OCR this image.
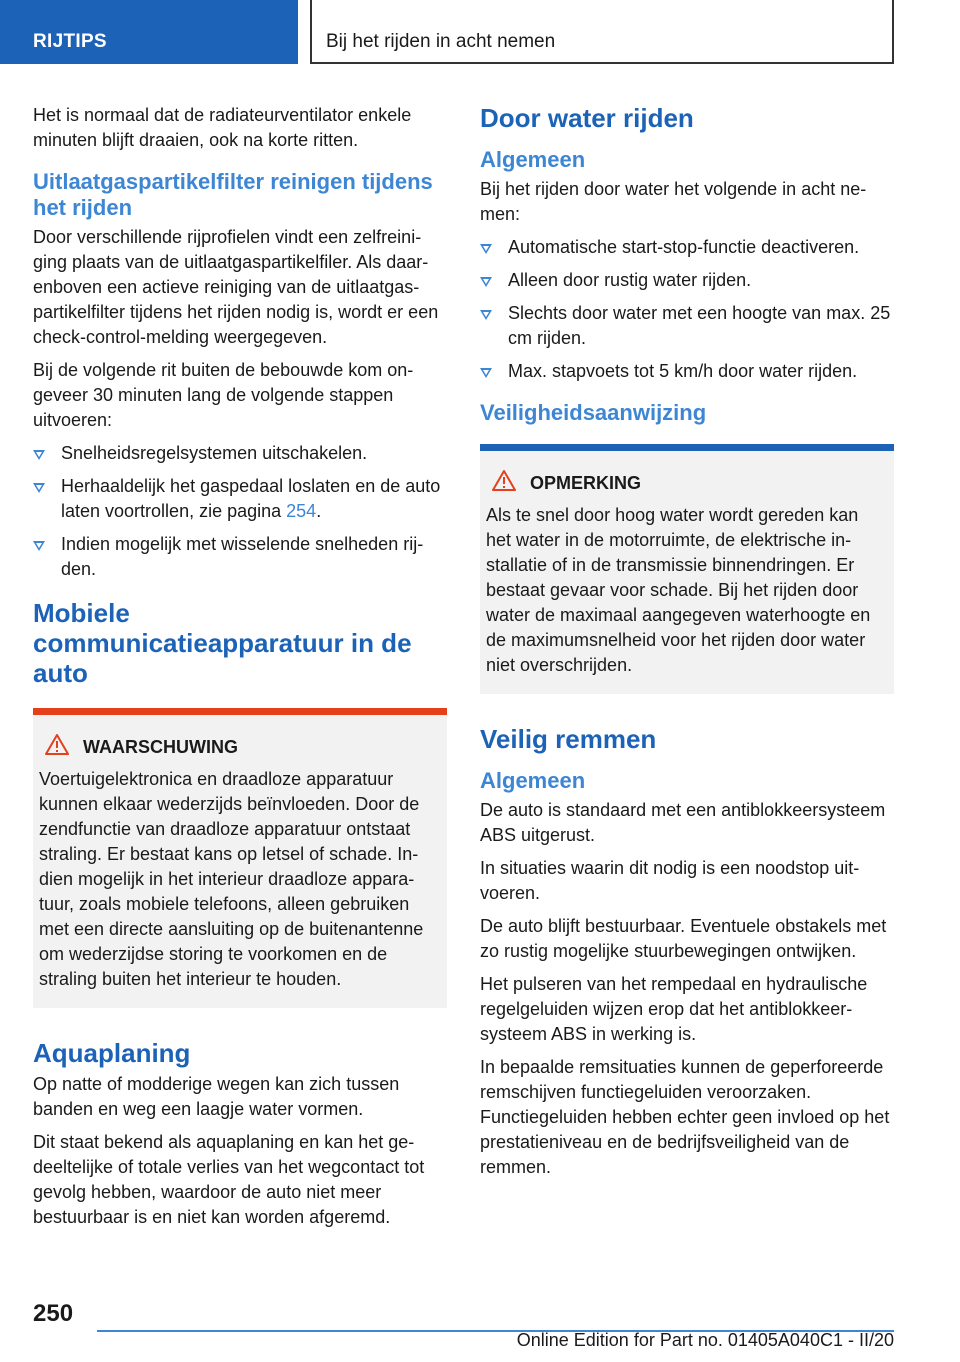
RIJTIPS	Bij het rijden in acht nemen

Het is normaal dat de radiateurventilator enkele minuten blijft draaien, ook na korte ritten.

Uitlaatgaspartikelfilter reinigen tijdens het rijden

Door verschillende rijprofielen vindt een zelfreiniging plaats van de uitlaatgaspartikelfiler. Als daarenboven een actieve reiniging van de uitlaatgaspartikelfilter tijdens het rijden nodig is, wordt er een check-control-melding weergegeven.

Bij de volgende rit buiten de bebouwde kom ongeveer 30 minuten lang de volgende stappen uitvoeren:

Snelheidsregelsystemen uitschakelen.
Herhaaldelijk het gaspedaal loslaten en de auto laten voortrollen, zie pagina 254.
Indien mogelijk met wisselende snelheden rijden.
Mobiele communicatieapparatuur in de auto
WAARSCHUWING

Voertuigelektronica en draadloze apparatuur kunnen elkaar wederzijds beïnvloeden. Door de zendfunctie van draadloze apparatuur ontstaat straling. Er bestaat kans op letsel of schade. Indien mogelijk in het interieur draadloze apparatuur, zoals mobiele telefoons, alleen gebruiken met een directe aansluiting op de buitenantenne om wederzijdse storing te voorkomen en de straling buiten het interieur te houden.

Aquaplaning

Op natte of modderige wegen kan zich tussen banden en weg een laagje water vormen.

Dit staat bekend als aquaplaning en kan het gedeeltelijke of totale verlies van het wegcontact tot gevolg hebben, waardoor de auto niet meer bestuurbaar is en niet kan worden afgeremd.

Door water rijden
Algemeen

Bij het rijden door water het volgende in acht nemen:

Automatische start-stop-functie deactiveren.
Alleen door rustig water rijden.
Slechts door water met een hoogte van max. 25 cm rijden.
Max. stapvoets tot 5 km/h door water rijden.
Veiligheidsaanwijzing
OPMERKING

Als te snel door hoog water wordt gereden kan het water in de motorruimte, de elektrische installatie of in de transmissie binnendringen. Er bestaat gevaar voor schade. Bij het rijden door water de maximaal aangegeven waterhoogte en de maximumsnelheid voor het rijden door water niet overschrijden.

Veilig remmen
Algemeen

De auto is standaard met een antiblokkeersysteem ABS uitgerust.

In situaties waarin dit nodig is een noodstop uitvoeren.

De auto blijft bestuurbaar. Eventuele obstakels met zo rustig mogelijke stuurbewegingen ontwijken.

Het pulseren van het rempedaal en hydraulische regelgeluiden wijzen erop dat het antiblokkeersysteem ABS in werking is.

In bepaalde remsituaties kunnen de geperforeerde remschijven functiegeluiden veroorzaken. Functiegeluiden hebben echter geen invloed op het prestatieniveau en de bedrijfsveiligheid van de remmen.

250
Online Edition for Part no. 01405A040C1 - II/20
